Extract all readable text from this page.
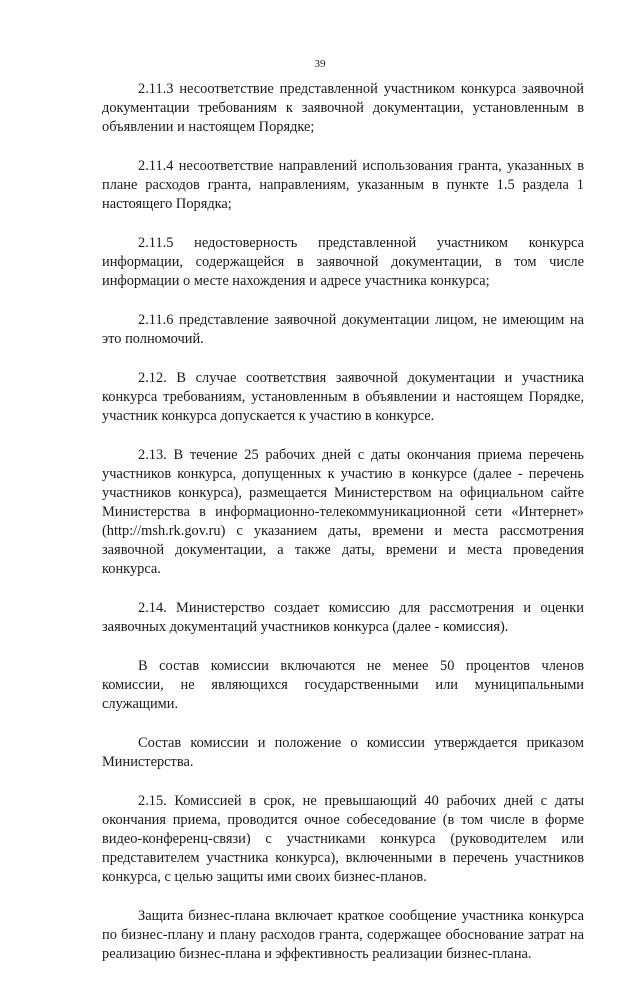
39

2.11.3 несоответствие представленной участником конкурса заявочной документации требованиям к заявочной документации, установленным в объявлении и настоящем Порядке;

2.11.4 несоответствие направлений использования гранта, указанных в плане расходов гранта, направлениям, указанным в пункте 1.5 раздела 1 настоящего Порядка;

2.11.5 недостоверность представленной участником конкурса информации, содержащейся в заявочной документации, в том числе информации о месте нахождения и адресе участника конкурса;

2.11.6 представление заявочной документации лицом, не имеющим на это полномочий.

2.12. В случае соответствия заявочной документации и участника конкурса требованиям, установленным в объявлении и настоящем Порядке, участник конкурса допускается к участию в конкурсе.

2.13. В течение 25 рабочих дней с даты окончания приема перечень участников конкурса, допущенных к участию в конкурсе (далее - перечень участников конкурса), размещается Министерством на официальном сайте Министерства в информационно-телекоммуникационной сети «Интернет» (http://msh.rk.gov.ru) с указанием даты, времени и места рассмотрения заявочной документации, а также даты, времени и места проведения конкурса.

2.14. Министерство создает комиссию для рассмотрения и оценки заявочных документаций участников конкурса (далее - комиссия).

В состав комиссии включаются не менее 50 процентов членов комиссии, не являющихся государственными или муниципальными служащими.

Состав комиссии и положение о комиссии утверждается приказом Министерства.

2.15. Комиссией в срок, не превышающий 40 рабочих дней с даты окончания приема, проводится очное собеседование (в том числе в форме видео-конференц-связи) с участниками конкурса (руководителем или представителем участника конкурса), включенными в перечень участников конкурса, с целью защиты ими своих бизнес-планов.

Защита бизнес-плана включает краткое сообщение участника конкурса по бизнес-плану и плану расходов гранта, содержащее обоснование затрат на реализацию бизнес-плана и эффективность реализации бизнес-плана.
